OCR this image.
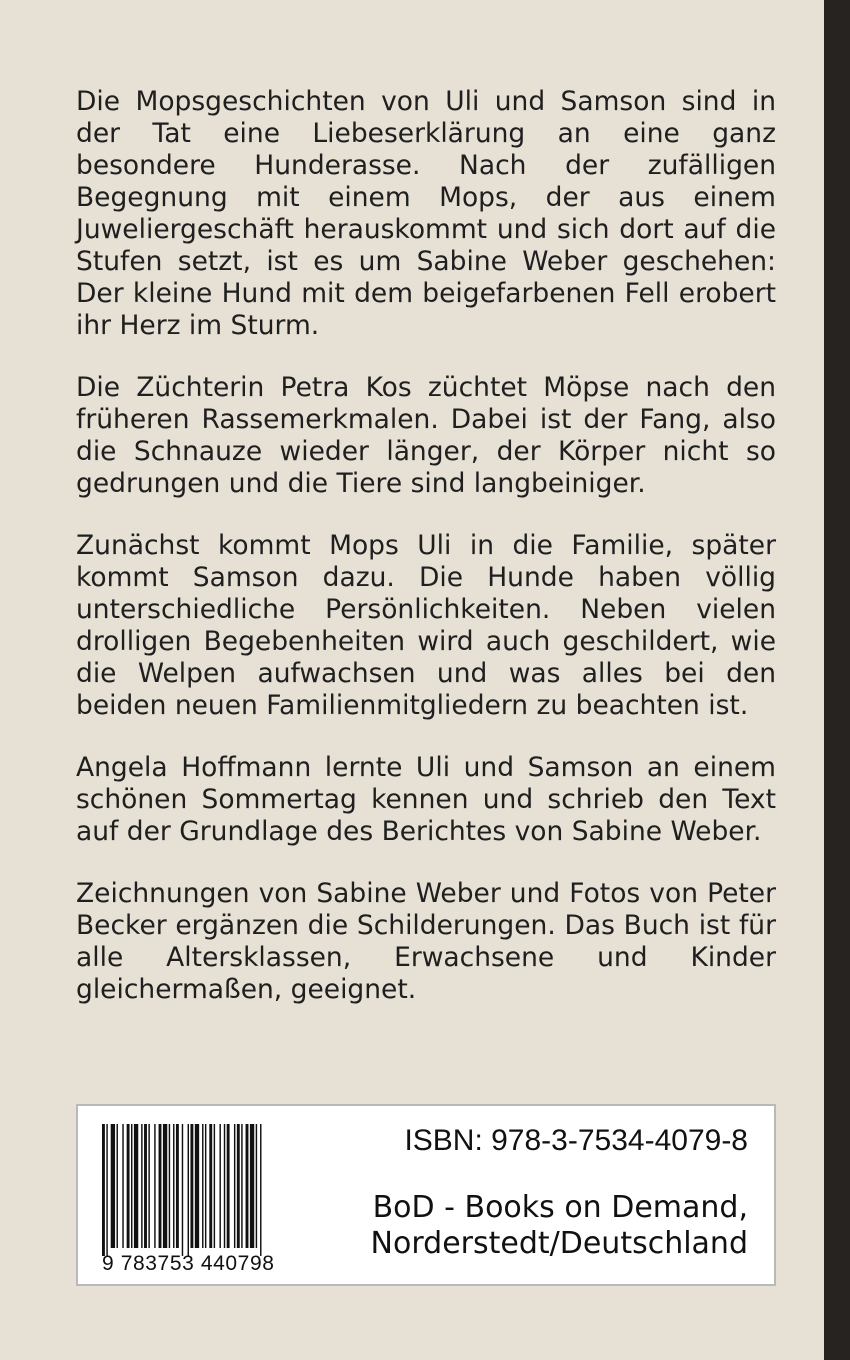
Die Mopsgeschichten von Uli und Samson sind in der Tat eine Liebeserklärung an eine ganz besondere Hunderasse. Nach der zufälligen Begegnung mit einem Mops, der aus einem Juweliergeschäft herauskommt und sich dort auf die Stufen setzt, ist es um Sabine Weber geschehen: Der kleine Hund mit dem beigefarbenen Fell erobert ihr Herz im Sturm.

Die Züchterin Petra Kos züchtet Möpse nach den früheren Rassemerkmalen. Dabei ist der Fang, also die Schnauze wieder länger, der Körper nicht so gedrungen und die Tiere sind langbeiniger.

Zunächst kommt Mops Uli in die Familie, später kommt Samson dazu. Die Hunde haben völlig unterschiedliche Persönlichkeiten. Neben vielen drolligen Begebenheiten wird auch geschildert, wie die Welpen aufwachsen und was alles bei den beiden neuen Familienmitgliedern zu beachten ist.

Angela Hoffmann lernte Uli und Samson an einem schönen Sommertag kennen und schrieb den Text auf der Grundlage des Berichtes von Sabine Weber.

Zeichnungen von Sabine Weber und Fotos von Peter Becker ergänzen die Schilderungen. Das Buch ist für alle Altersklassen, Erwachsene und Kinder gleichermaßen, geeignet.

9 783753 440798
ISBN: 978-3-7534-4079-8
BoD - Books on Demand,
Norderstedt/Deutschland
